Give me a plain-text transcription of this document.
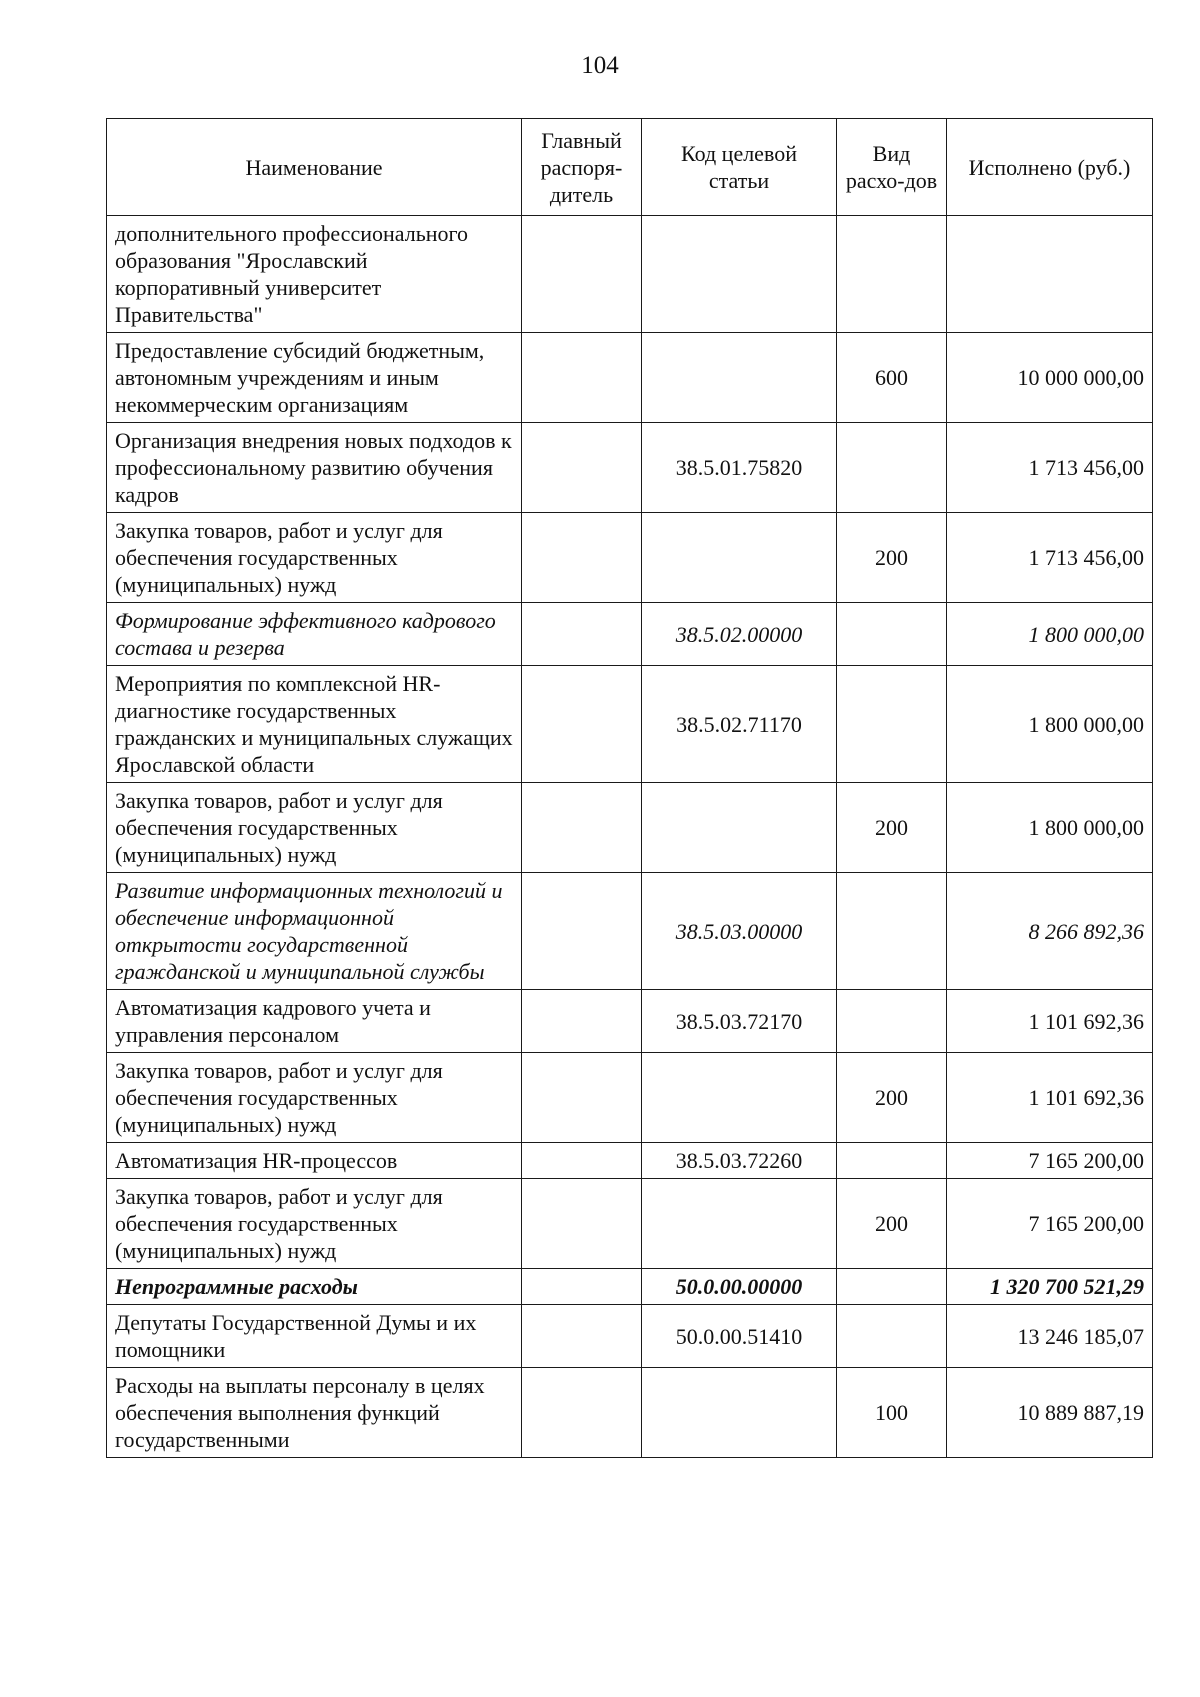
104
Наименование	Главный распоря-дитель	Код целевой статьи	Вид расхо-дов	Исполнено (руб.)
дополнительного профессионального образования "Ярославский корпоративный университет Правительства"				
Предоставление субсидий бюджетным, автономным учреждениям и иным некоммерческим организациям			600	10 000 000,00
Организация внедрения новых подходов к профессиональному развитию обучения кадров		38.5.01.75820		1 713 456,00
Закупка товаров, работ и услуг для обеспечения государственных (муниципальных) нужд			200	1 713 456,00
Формирование эффективного кадрового состава и резерва		38.5.02.00000		1 800 000,00
Мероприятия по комплексной HR-диагностике государственных гражданских и муниципальных служащих Ярославской области		38.5.02.71170		1 800 000,00
Закупка товаров, работ и услуг для обеспечения государственных (муниципальных) нужд			200	1 800 000,00
Развитие информационных технологий и обеспечение информационной открытости государственной гражданской и муниципальной службы		38.5.03.00000		8 266 892,36
Автоматизация кадрового учета и управления персоналом		38.5.03.72170		1 101 692,36
Закупка товаров, работ и услуг для обеспечения государственных (муниципальных) нужд			200	1 101 692,36
Автоматизация HR-процессов		38.5.03.72260		7 165 200,00
Закупка товаров, работ и услуг для обеспечения государственных (муниципальных) нужд			200	7 165 200,00
Непрограммные расходы		50.0.00.00000		1 320 700 521,29
Депутаты Государственной Думы и их помощники		50.0.00.51410		13 246 185,07
Расходы на выплаты персоналу в целях обеспечения выполнения функций государственными			100	10 889 887,19
